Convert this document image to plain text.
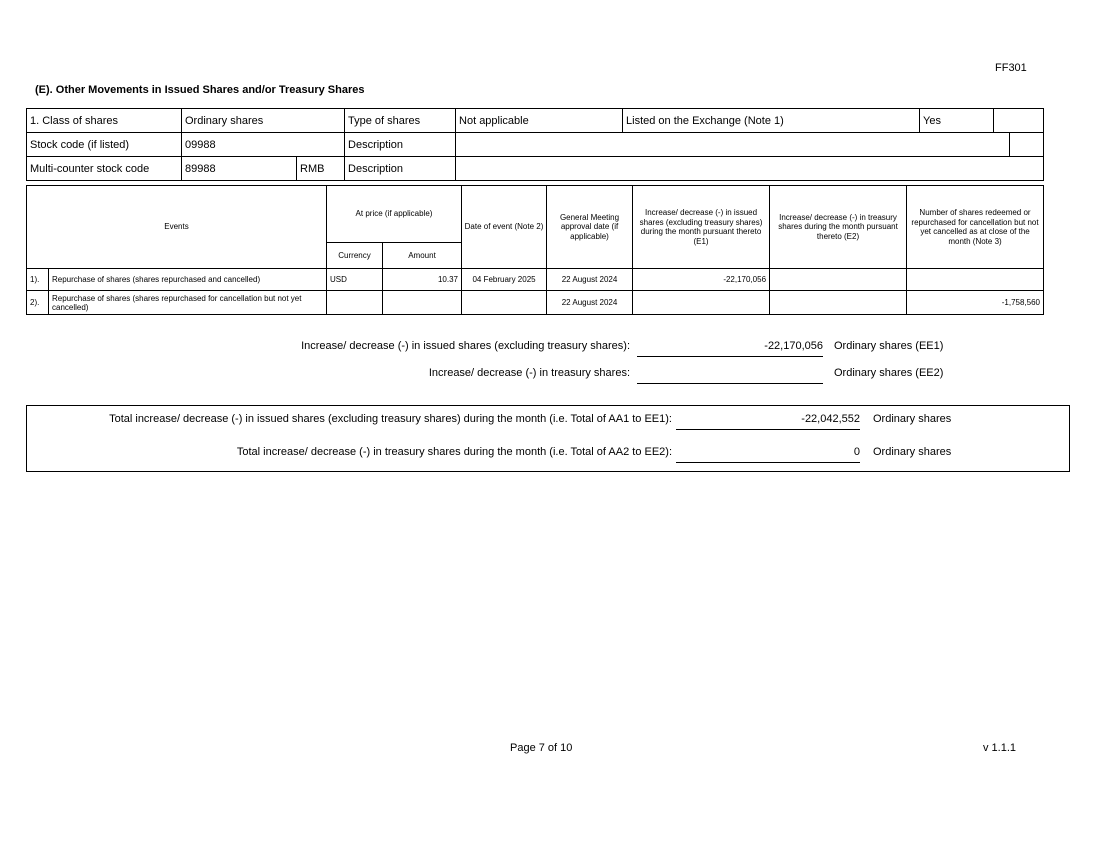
FF301
(E). Other Movements in Issued Shares and/or Treasury Shares
1. Class of shares	Ordinary shares		Type of shares	Not applicable	Listed on the Exchange (Note 1)	Yes		
Stock code (if listed)	09988		Description					
Multi-counter stock code	89988	RMB	Description					
Events		At price (if applicable)		Date of event (Note 2)	General Meeting approval date (if applicable)	Increase/ decrease (-) in issued shares (excluding treasury shares) during the month pursuant thereto (E1)	Increase/ decrease (-) in treasury shares during the month pursuant thereto (E2)	Number of shares redeemed or repurchased for cancellation but not yet cancelled as at close of the month (Note 3)
		Currency	Amount					
1).	Repurchase of shares (shares repurchased and cancelled)	USD	10.37	04 February 2025	22 August 2024	-22,170,056		
2).	Repurchase of shares (shares repurchased for cancellation but not yet cancelled)				22 August 2024			-1,758,560
Increase/ decrease (-) in issued shares (excluding treasury shares):	-22,170,056 Ordinary shares (EE1)
Increase/ decrease (-) in treasury shares:	Ordinary shares (EE2)
Total increase/ decrease (-) in issued shares (excluding treasury shares) during the month (i.e. Total of AA1 to EE1):	-22,042,552 Ordinary shares
Total increase/ decrease (-) in treasury shares during the month (i.e. Total of AA2 to EE2):	0 Ordinary shares
Page 7 of 10	v 1.1.1
